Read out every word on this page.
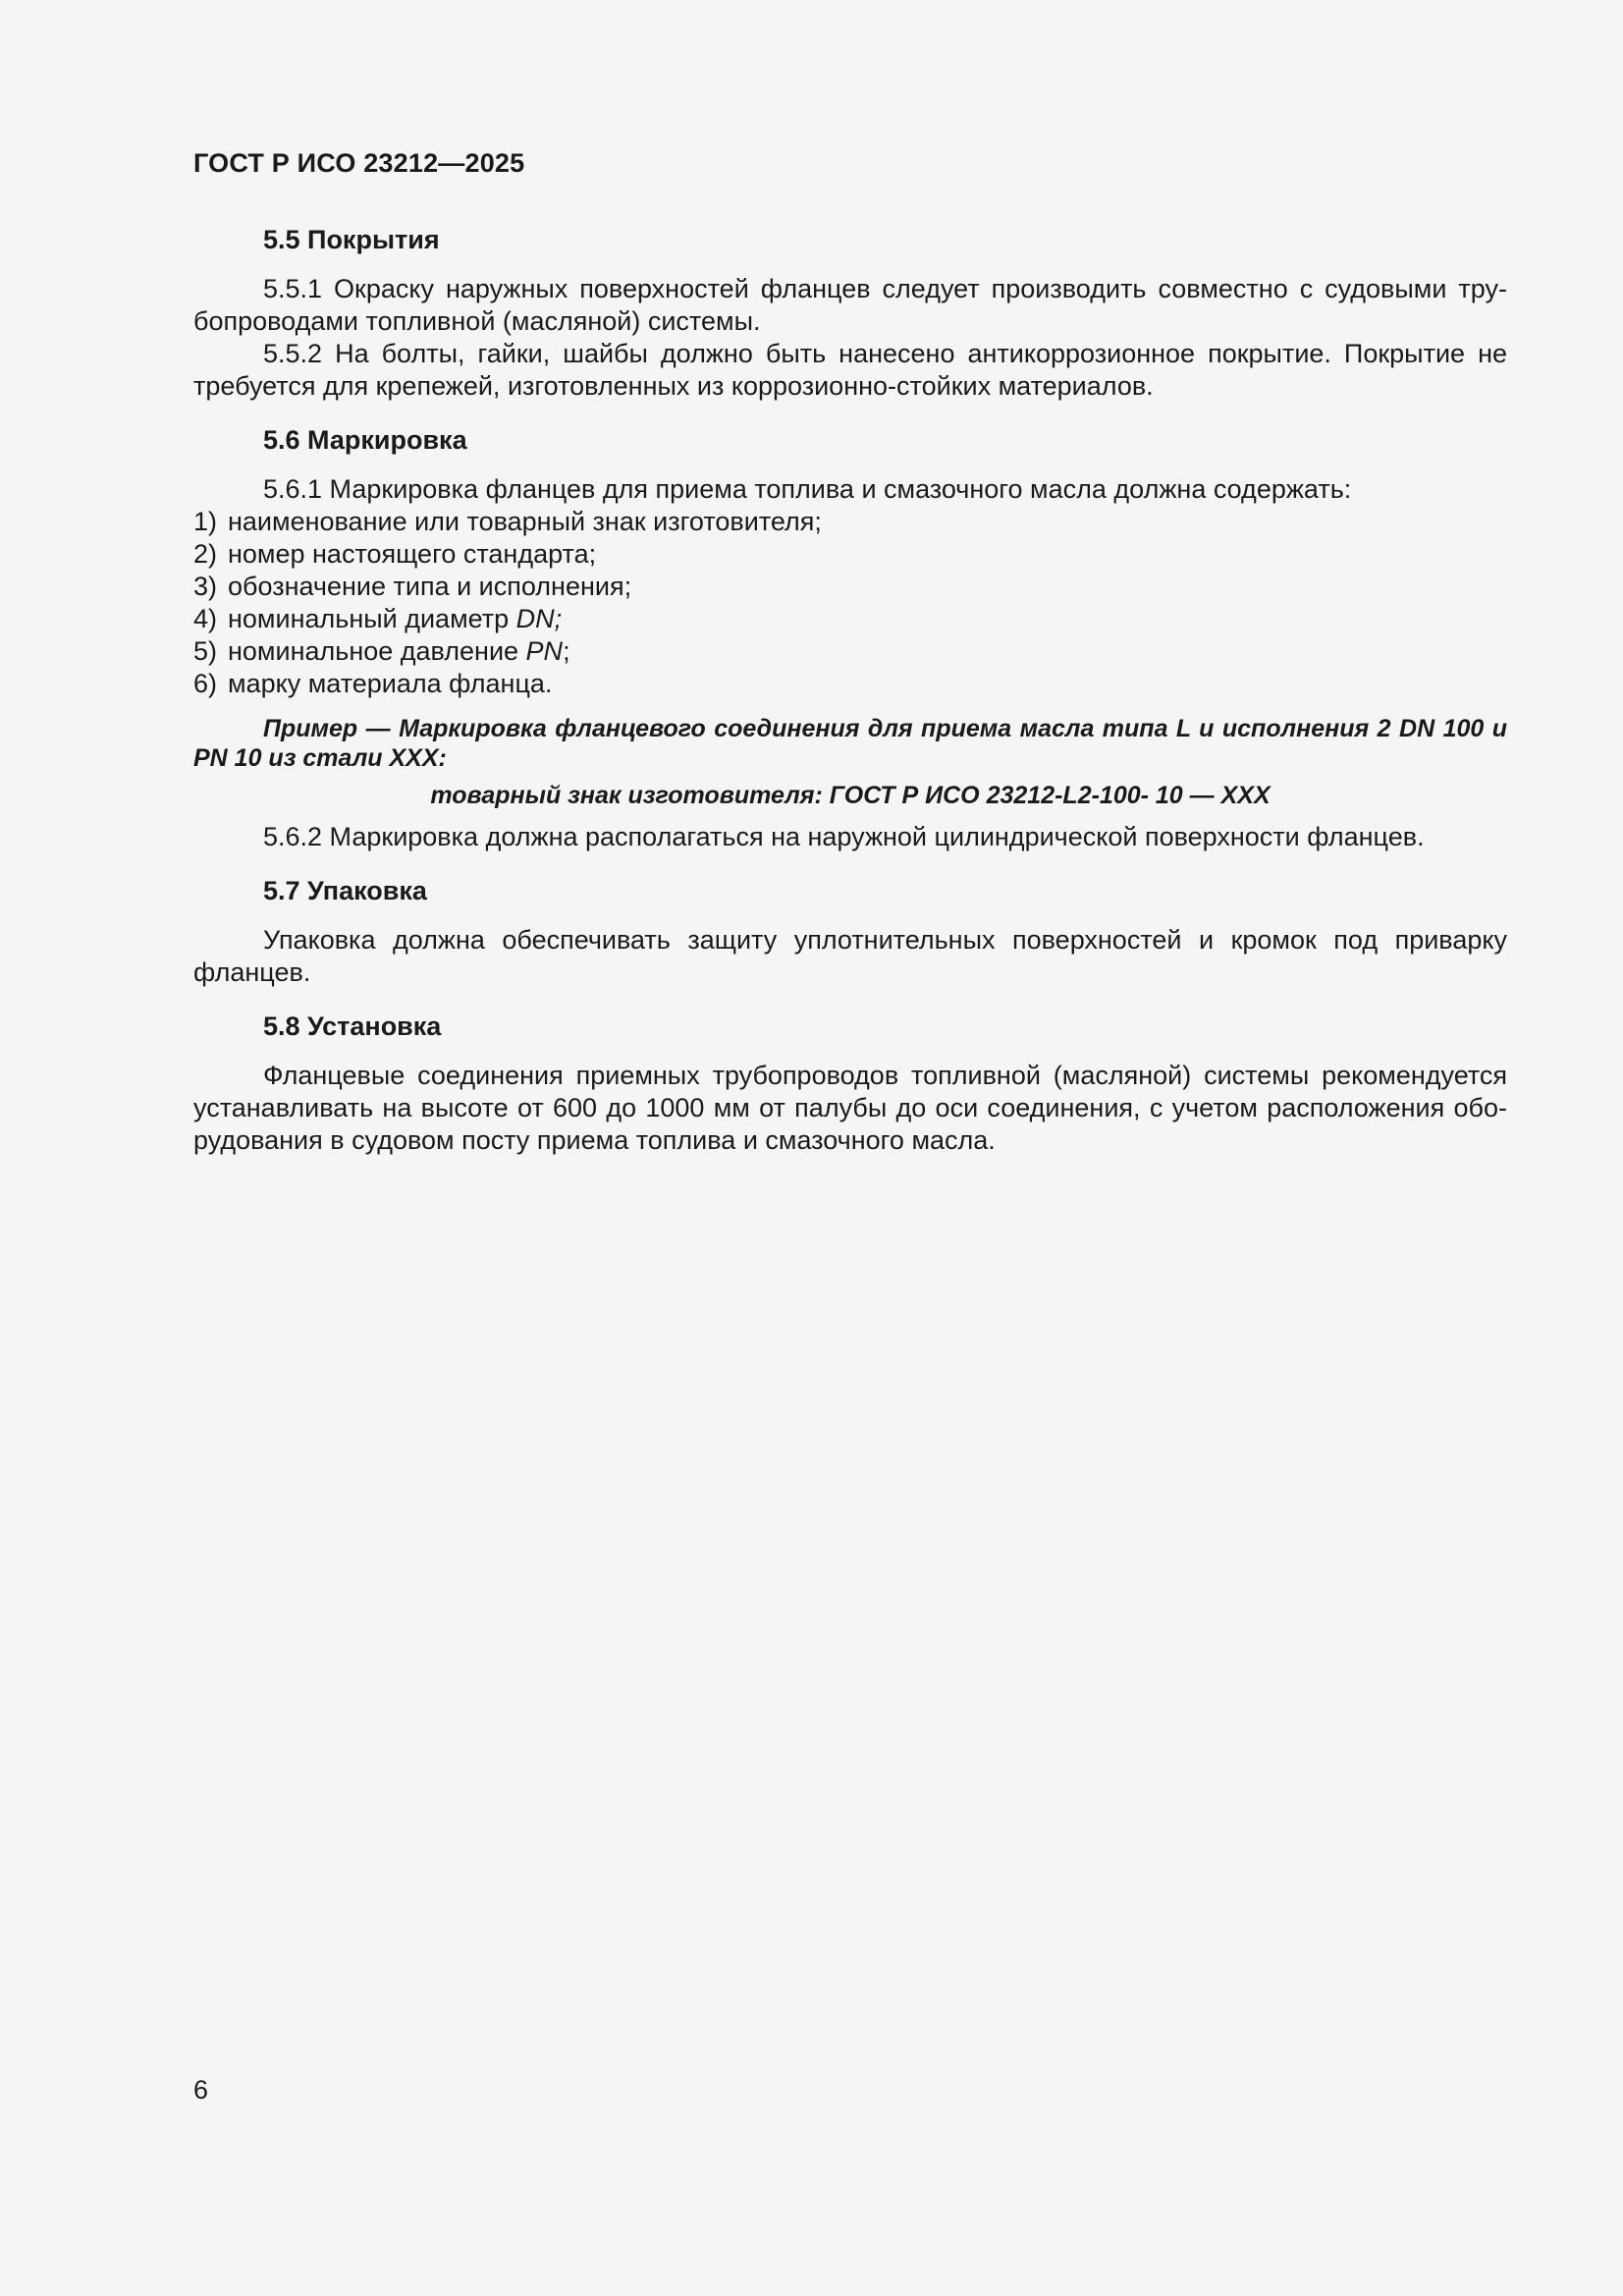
ГОСТ Р ИСО 23212—2025
5.5 Покрытия

5.5.1 Окраску наружных поверхностей фланцев следует производить совместно с судовыми тру-бопроводами топливной (масляной) системы.

5.5.2 На болты, гайки, шайбы должно быть нанесено антикоррозионное покрытие. Покрытие не требуется для крепежей, изготовленных из коррозионно-стойких материалов.

5.6 Маркировка

5.6.1 Маркировка фланцев для приема топлива и смазочного масла должна содержать:

1) наименование или товарный знак изготовителя;
2) номер настоящего стандарта;
3) обозначение типа и исполнения;
4) номинальный диаметр DN;
5) номинальное давление PN;
6) марку материала фланца.

Пример — Маркировка фланцевого соединения для приема масла типа L и исполнения 2 DN 100 и PN 10 из стали XXX:

товарный знак изготовителя: ГОСТ Р ИСО 23212-L2-100- 10 — XXX

5.6.2 Маркировка должна располагаться на наружной цилиндрической поверхности фланцев.

5.7 Упаковка

Упаковка должна обеспечивать защиту уплотнительных поверхностей и кромок под приварку фланцев.

5.8 Установка

Фланцевые соединения приемных трубопроводов топливной (масляной) системы рекомендуется устанавливать на высоте от 600 до 1000 мм от палубы до оси соединения, с учетом расположения обо-рудования в судовом посту приема топлива и смазочного масла.

6
